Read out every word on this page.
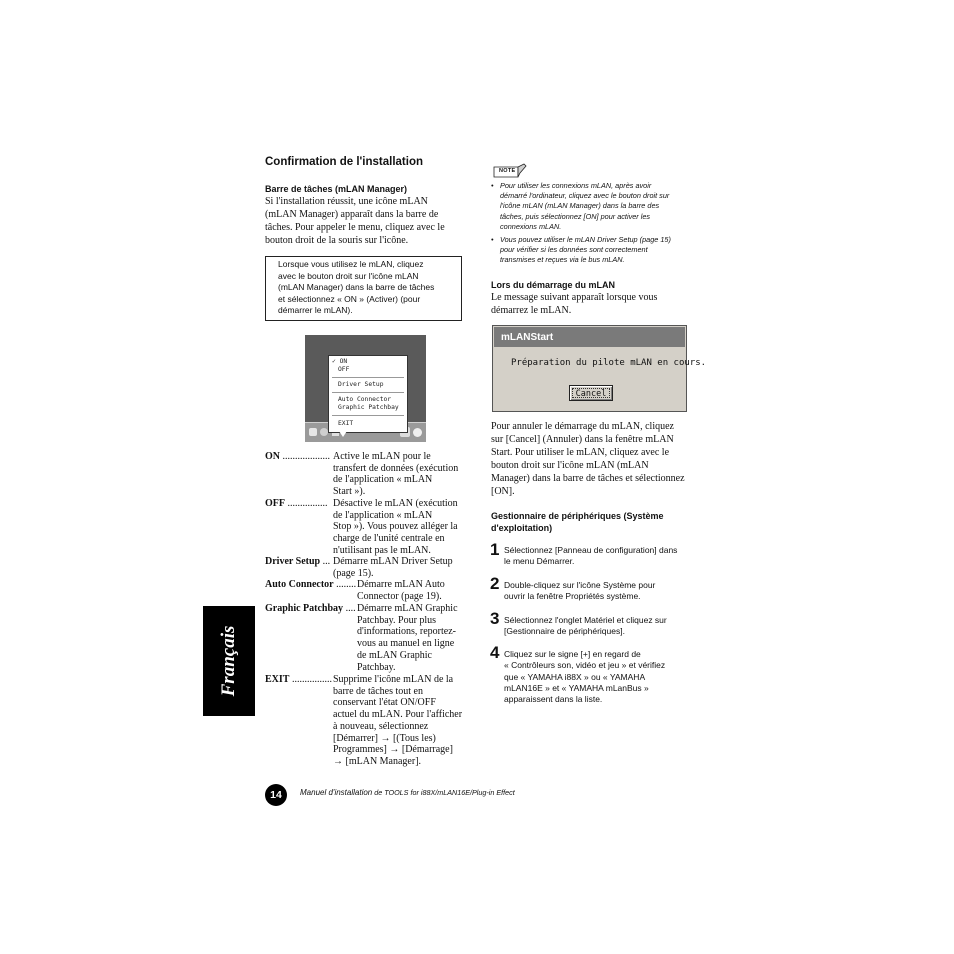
Confirmation de l'installation
Barre de tâches (mLAN Manager)
Si l'installation réussit, une icône mLAN
(mLAN Manager) apparaît dans la barre de
tâches. Pour appeler le menu, cliquez avec le
bouton droit de la souris sur l'icône.
Lorsque vous utilisez le mLAN, cliquez
avec le bouton droit sur l'icône mLAN
(mLAN Manager) dans la barre de tâches
et sélectionnez « ON » (Activer) (pour
démarrer le mLAN).
✓ ON
OFF
Driver Setup
Auto Connector
Graphic Patchbay
EXIT
ON ................... Active le mLAN pour le
transfert de données (exécution
de l'application « mLAN
Start »).
OFF ................ Désactive le mLAN (exécution
de l'application « mLAN
Stop »). Vous pouvez alléger la
charge de l'unité centrale en
n'utilisant pas le mLAN.
Driver Setup ... Démarre mLAN Driver Setup
(page 15).
Auto Connector ........ Démarre mLAN Auto
Connector (page 19).
Graphic Patchbay .... Démarre mLAN Graphic
Patchbay. Pour plus
d'informations, reportez-
vous au manuel en ligne
de mLAN Graphic
Patchbay.
EXIT ................ Supprime l'icône mLAN de la
barre de tâches tout en
conservant l'état ON/OFF
actuel du mLAN. Pour l'afficher
à nouveau, sélectionnez
[Démarrer] → [(Tous les)
Programmes] → [Démarrage]
→ [mLAN Manager].
NOTE
• Pour utiliser les connexions mLAN, après avoir
démarré l'ordinateur, cliquez avec le bouton droit sur
l'icône mLAN (mLAN Manager) dans la barre des
tâches, puis sélectionnez [ON] pour activer les
connexions mLAN.
• Vous pouvez utiliser le mLAN Driver Setup (page 15)
pour vérifier si les données sont correctement
transmises et reçues via le bus mLAN.
Lors du démarrage du mLAN
Le message suivant apparaît lorsque vous
démarrez le mLAN.
mLANStart
Préparation du pilote mLAN en cours.
Cancel
Pour annuler le démarrage du mLAN, cliquez
sur [Cancel] (Annuler) dans la fenêtre mLAN
Start. Pour utiliser le mLAN, cliquez avec le
bouton droit sur l'icône mLAN (mLAN
Manager) dans la barre de tâches et sélectionnez
[ON].
Gestionnaire de périphériques (Système
d'exploitation)
1 Sélectionnez [Panneau de configuration] dans
le menu Démarrer.
2 Double-cliquez sur l'icône Système pour
ouvrir la fenêtre Propriétés système.
3 Sélectionnez l'onglet Matériel et cliquez sur
[Gestionnaire de périphériques].
4 Cliquez sur le signe [+] en regard de
« Contrôleurs son, vidéo et jeu » et vérifiez
que « YAMAHA i88X » ou « YAMAHA
mLAN16E » et « YAMAHA mLanBus »
apparaissent dans la liste.
Français
14	Manuel d'installation de TOOLS for i88X/mLAN16E/Plug-in Effect
